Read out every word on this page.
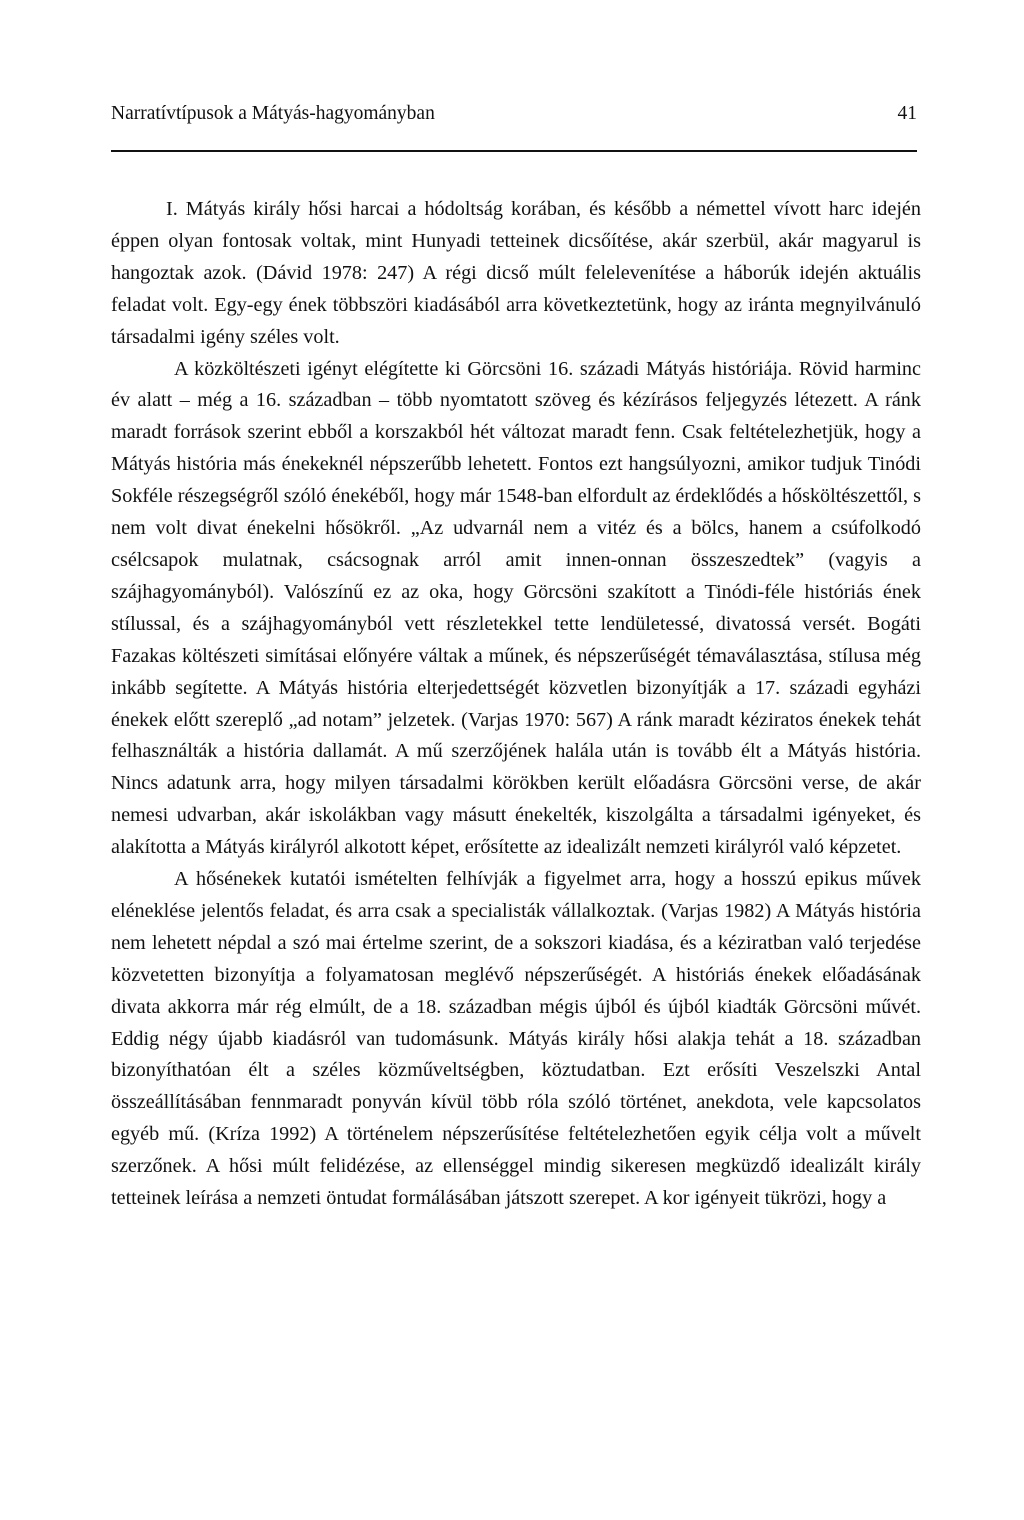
Narratívtípusok a Mátyás-hagyományban	41

I. Mátyás király hősi harcai a hódoltság korában, és később a némettel vívott harc idején éppen olyan fontosak voltak, mint Hunyadi tetteinek dicsőítése, akár szerbül, akár magyarul is hangoztak azok. (Dávid 1978: 247) A régi dicső múlt felelevenítése a háborúk idején aktuális feladat volt. Egy-egy ének többszöri kiadásából arra következtetünk, hogy az iránta megnyilvánuló társadalmi igény széles volt.

A közköltészeti igényt elégítette ki Görcsöni 16. századi Mátyás históriája. Rövid harminc év alatt – még a 16. században – több nyomtatott szöveg és kézírásos feljegyzés létezett. A ránk maradt források szerint ebből a korszakból hét változat maradt fenn. Csak feltételezhetjük, hogy a Mátyás história más énekeknél népszerűbb lehetett. Fontos ezt hangsúlyozni, amikor tudjuk Tinódi Sokféle részegségről szóló énekéből, hogy már 1548-ban elfordult az érdeklődés a hősköltészettől, s nem volt divat énekelni hősökről. „Az udvarnál nem a vitéz és a bölcs, hanem a csúfolkodó csélcsapok mulatnak, csácsognak arról amit innen-onnan összeszedtek” (vagyis a szájhagyományból). Valószínű ez az oka, hogy Görcsöni szakított a Tinódi-féle históriás ének stílussal, és a szájhagyományból vett részletekkel tette lendületessé, divatossá versét. Bogáti Fazakas költészeti simításai előnyére váltak a műnek, és népszerűségét témaválasztása, stílusa még inkább segítette. A Mátyás história elterjedettségét közvetlen bizonyítják a 17. századi egyházi énekek előtt szereplő „ad notam” jelzetek. (Varjas 1970: 567) A ránk maradt kéziratos énekek tehát felhasználták a história dallamát. A mű szerzőjének halála után is tovább élt a Mátyás história. Nincs adatunk arra, hogy milyen társadalmi körökben került előadásra Görcsöni verse, de akár nemesi udvarban, akár iskolákban vagy másutt énekelték, kiszolgálta a társadalmi igényeket, és alakította a Mátyás királyról alkotott képet, erősítette az idealizált nemzeti királyról való képzetet.

A hősénekek kutatói ismételten felhívják a figyelmet arra, hogy a hosszú epikus művek eléneklése jelentős feladat, és arra csak a specialisták vállalkoztak. (Varjas 1982) A Mátyás história nem lehetett népdal a szó mai értelme szerint, de a sokszori kiadása, és a kéziratban való terjedése közvetetten bizonyítja a folyamatosan meglévő népszerűségét. A históriás énekek előadásának divata akkorra már rég elmúlt, de a 18. században mégis újból és újból kiadták Görcsöni művét. Eddig négy újabb kiadásról van tudomásunk. Mátyás király hősi alakja tehát a 18. században bizonyíthatóan élt a széles közműveltségben, köztudatban. Ezt erősíti Veszelszki Antal összeállításában fennmaradt ponyván kívül több róla szóló történet, anekdota, vele kapcsolatos egyéb mű. (Kríza 1992) A történelem népszerűsítése feltételezhetően egyik célja volt a művelt szerzőnek. A hősi múlt felidézése, az ellenséggel mindig sikeresen megküzdő idealizált király tetteinek leírása a nemzeti öntudat formálásában játszott szerepet. A kor igényeit tükrözi, hogy a
